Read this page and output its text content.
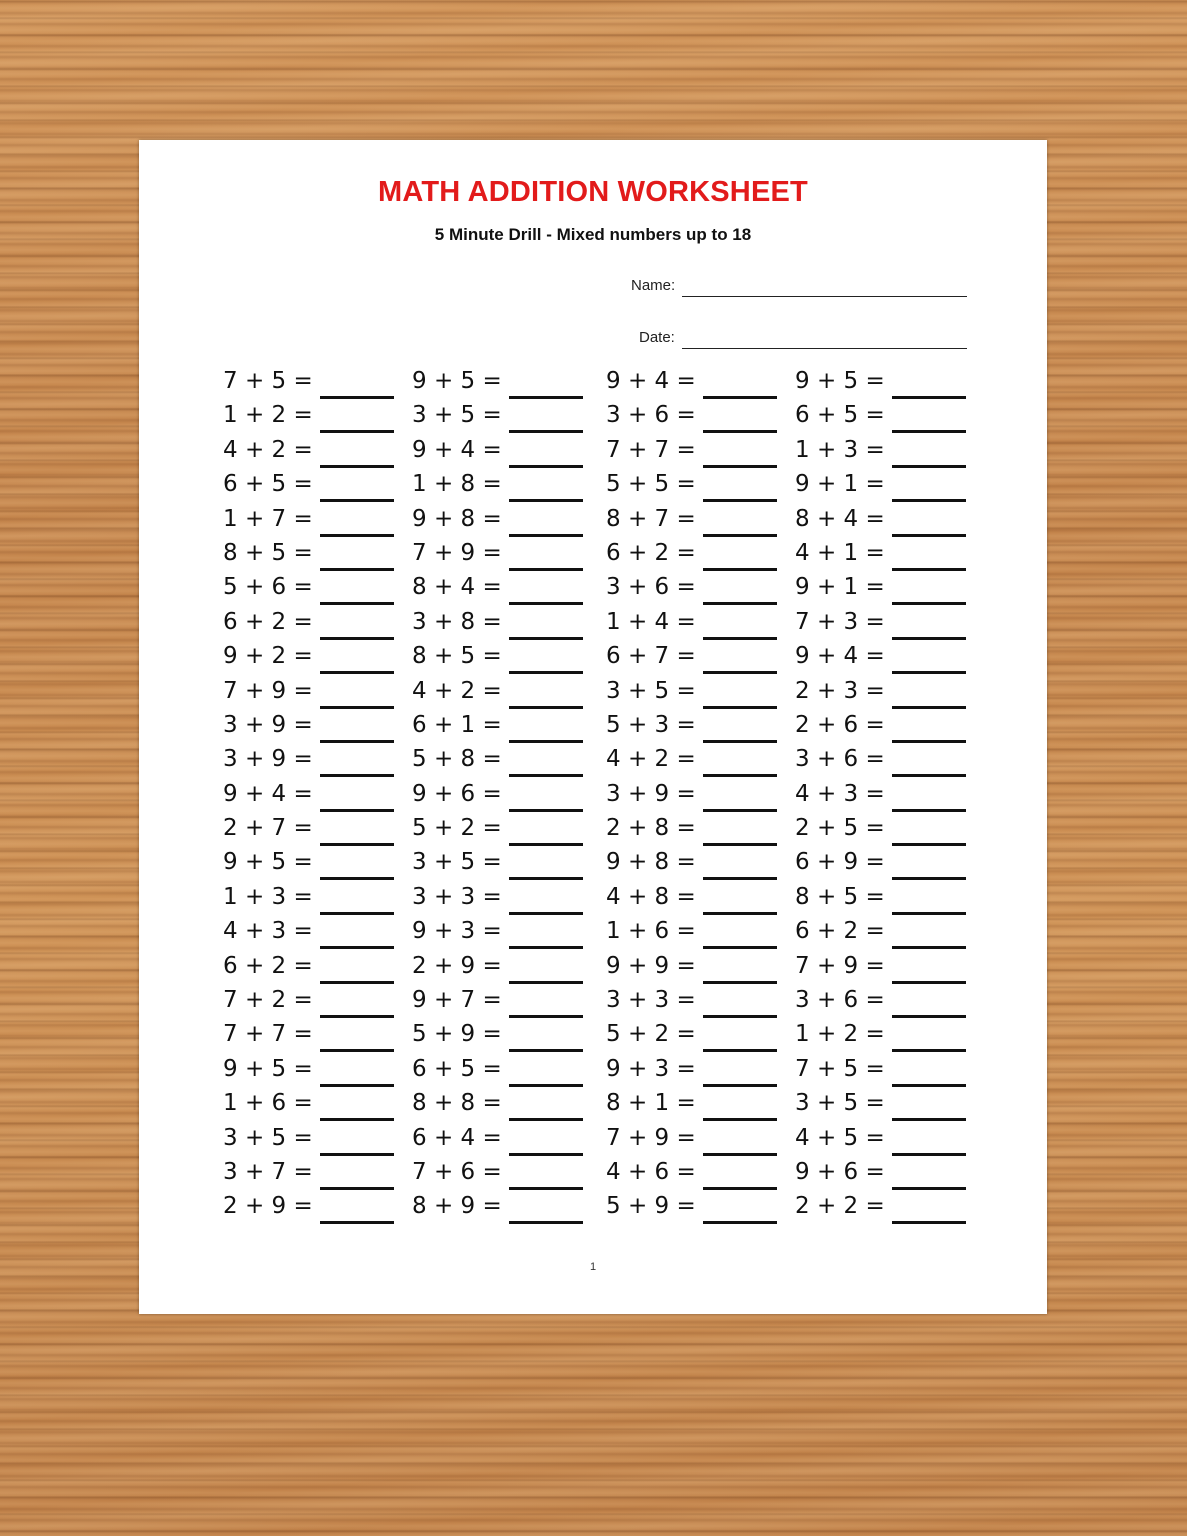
MATH ADDITION WORKSHEET
5 Minute Drill - Mixed numbers up to 18
Name:
Date:
7 + 5 =
1 + 2 =
4 + 2 =
6 + 5 =
1 + 7 =
8 + 5 =
5 + 6 =
6 + 2 =
9 + 2 =
7 + 9 =
3 + 9 =
3 + 9 =
9 + 4 =
2 + 7 =
9 + 5 =
1 + 3 =
4 + 3 =
6 + 2 =
7 + 2 =
7 + 7 =
9 + 5 =
1 + 6 =
3 + 5 =
3 + 7 =
2 + 9 =
9 + 5 =
3 + 5 =
9 + 4 =
1 + 8 =
9 + 8 =
7 + 9 =
8 + 4 =
3 + 8 =
8 + 5 =
4 + 2 =
6 + 1 =
5 + 8 =
9 + 6 =
5 + 2 =
3 + 5 =
3 + 3 =
9 + 3 =
2 + 9 =
9 + 7 =
5 + 9 =
6 + 5 =
8 + 8 =
6 + 4 =
7 + 6 =
8 + 9 =
9 + 4 =
3 + 6 =
7 + 7 =
5 + 5 =
8 + 7 =
6 + 2 =
3 + 6 =
1 + 4 =
6 + 7 =
3 + 5 =
5 + 3 =
4 + 2 =
3 + 9 =
2 + 8 =
9 + 8 =
4 + 8 =
1 + 6 =
9 + 9 =
3 + 3 =
5 + 2 =
9 + 3 =
8 + 1 =
7 + 9 =
4 + 6 =
5 + 9 =
9 + 5 =
6 + 5 =
1 + 3 =
9 + 1 =
8 + 4 =
4 + 1 =
9 + 1 =
7 + 3 =
9 + 4 =
2 + 3 =
2 + 6 =
3 + 6 =
4 + 3 =
2 + 5 =
6 + 9 =
8 + 5 =
6 + 2 =
7 + 9 =
3 + 6 =
1 + 2 =
7 + 5 =
3 + 5 =
4 + 5 =
9 + 6 =
2 + 2 =
1
